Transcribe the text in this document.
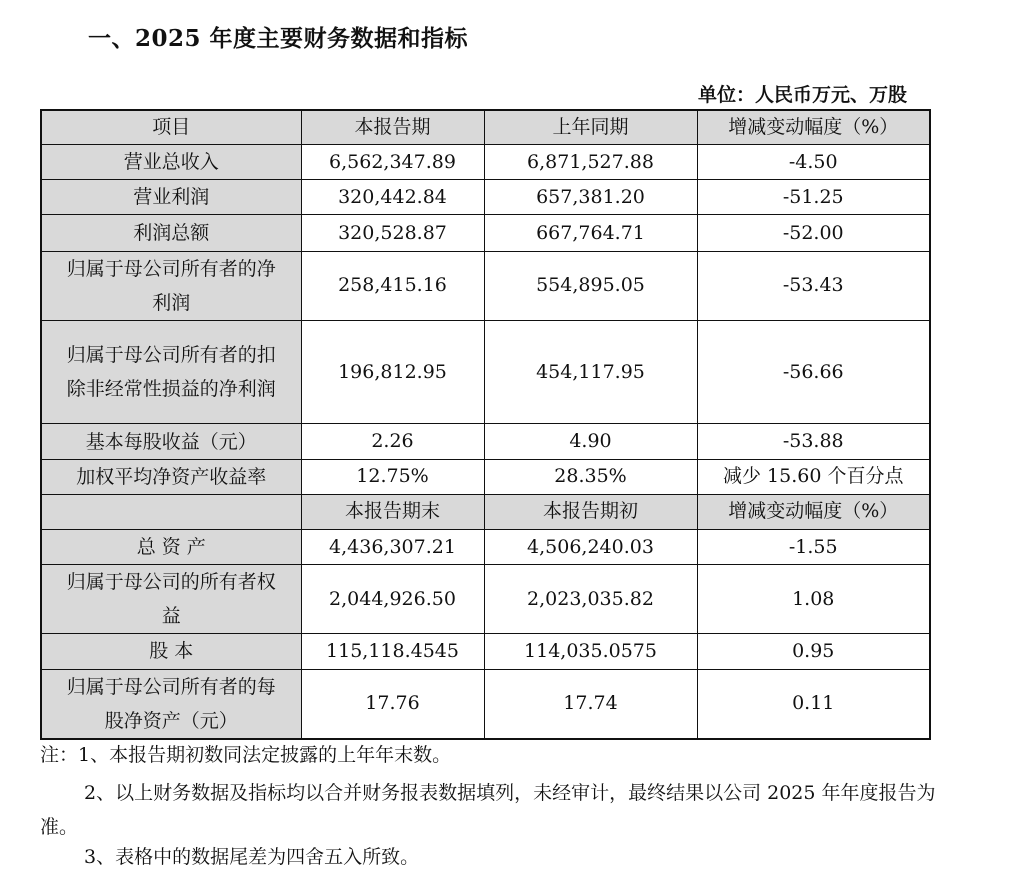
一、2025 年度主要财务数据和指标
单位：人民币万元、万股
项目	本报告期	上年同期	增减变动幅度（%）
营业总收入	6,562,347.89	6,871,527.88	-4.50
营业利润	320,442.84	657,381.20	-51.25
利润总额	320,528.87	667,764.71	-52.00
归属于母公司所有者的净利润	258,415.16	554,895.05	-53.43
归属于母公司所有者的扣除非经常性损益的净利润	196,812.95	454,117.95	-56.66
基本每股收益（元）	2.26	4.90	-53.88
加权平均净资产收益率	12.75%	28.35%	减少 15.60 个百分点
	本报告期末	本报告期初	增减变动幅度（%）
总 资 产	4,436,307.21	4,506,240.03	-1.55
归属于母公司的所有者权益	2,044,926.50	2,023,035.82	1.08
股 本	115,118.4545	114,035.0575	0.95
归属于母公司所有者的每股净资产（元）	17.76	17.74	0.11
注：1、本报告期初数同法定披露的上年年末数。
2、以上财务数据及指标均以合并财务报表数据填列，未经审计，最终结果以公司 2025 年年度报告为准。
3、表格中的数据尾差为四舍五入所致。
